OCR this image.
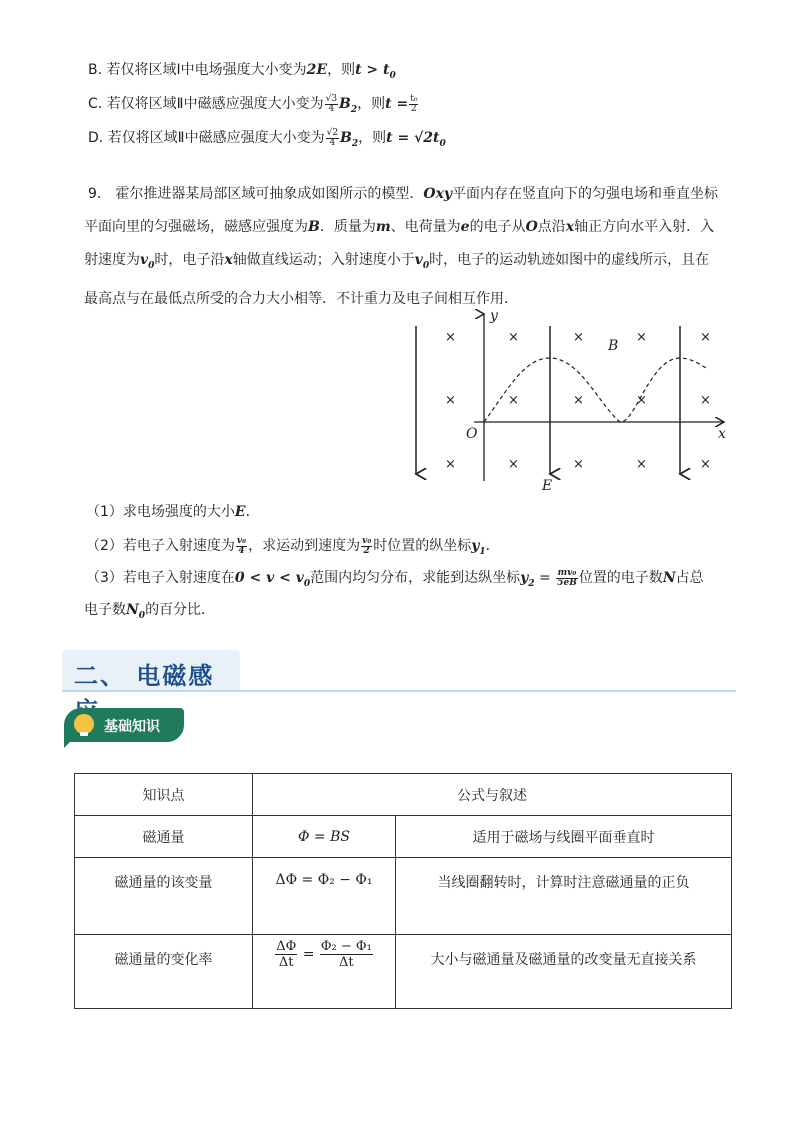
B. 若仅将区域Ⅰ中电场强度大小变为2E，则$t > t_0$
C. 若仅将区域Ⅱ中磁感应强度大小变为 $\frac{√3}{4} B_2$，则$t = \frac{\text{t₀}}{2}$
D. 若仅将区域Ⅱ中磁感应强度大小变为 $\frac{√2}{4} B_2$，则$t = √2t_0$
9． 霍尔推进器某局部区域可抽象成如图所示的模型．Oxy平面内存在竖直向下的匀强电场和垂直坐标
平面向里的匀强磁场，磁感应强度为B．质量为m、电荷量为e的电子从O点沿x轴正方向水平入射．入
射速度为$v_0$时，电子沿x轴做直线运动；入射速度小于$v_0$时，电子的运动轨迹如图中的虚线所示，且在
最高点与在最低点所受的合力大小相等．不计重力及电子间相互作用．
×	×	×	×	×
×	×	×	×	×
×	×	×	×	×
y
x
O
B
E
（1）求电场强度的大小E．
（2）若电子入射速度为 $\frac{\text{v₀}}{4}$ ，求运动到速度为 $\frac{\text{v₀}}{2}$ 时位置的纵坐标$y_1$．
（3）若电子入射速度在$0 < v < v_0$范围内均匀分布，求能到达纵坐标$y_2 = \frac{\text{mv₀}}{5eB}$ 位置的电子数N占总
电子数$N_0$的百分比．
二、 电磁感
基础知识
知识点	公式与叙述	
磁通量	Φ = BS	适用于磁场与线圈平面垂直时
磁通量的该变量	ΔΦ = Φ₂ − Φ₁	当线圈翻转时，计算时注意磁通量的正负
磁通量的变化率	$\frac{\Delta\Phi}{\Delta t} = \frac{\text{Φ₂ − Φ₁}}{\Delta t}$	大小与磁通量及磁通量的改变量无直接关系
